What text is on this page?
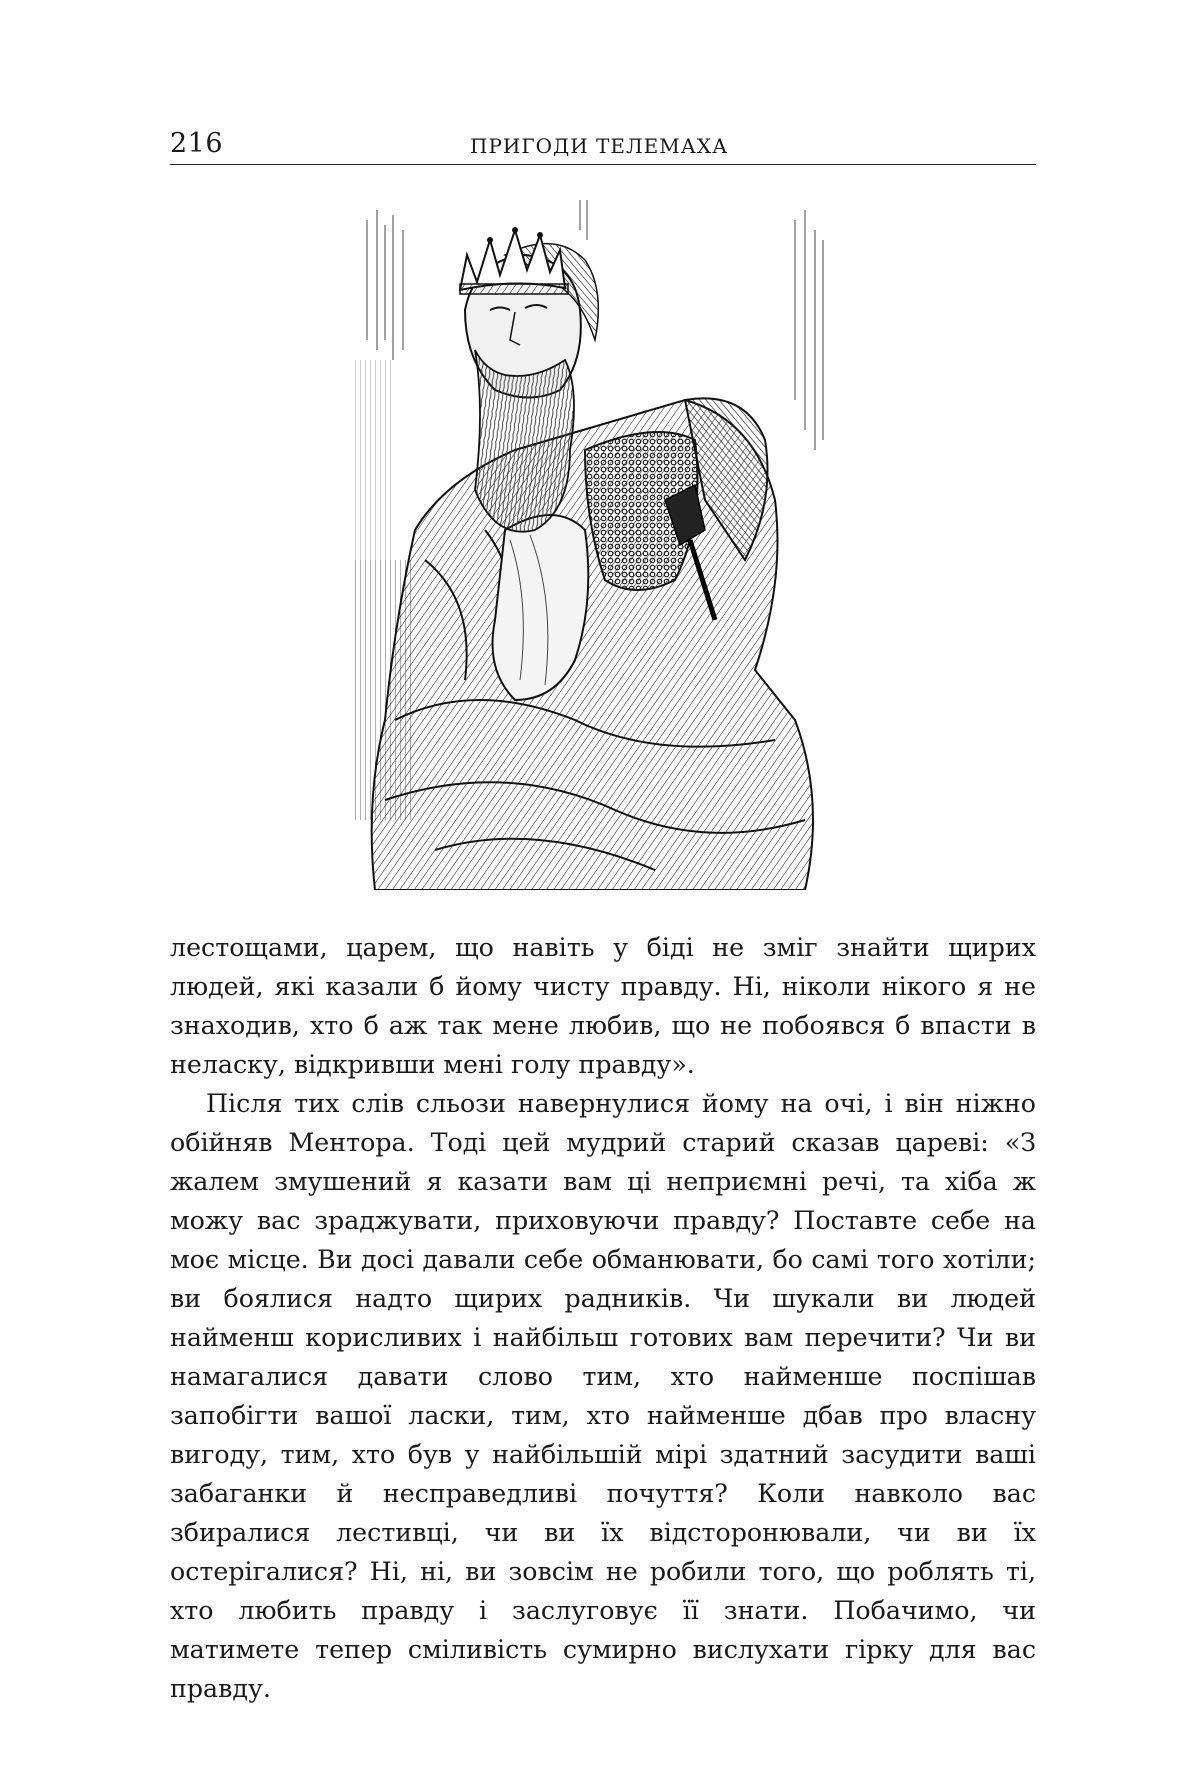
216	ПРИГОДИ ТЕЛЕМАХА

лестощами, царем, що навіть у біді не зміг знайти щирих людей, які казали б йому чисту правду. Ні, ніколи нікого я не знаходив, хто б аж так мене любив, що не побоявся б впасти в неласку, відкривши мені голу правду».

Після тих слів сльози навернулися йому на очі, і він ніжно обійняв Ментора. Тоді цей мудрий старий сказав цареві: «З жалем змушений я казати вам ці неприємні речі, та хіба ж можу вас зраджувати, приховуючи правду? Поставте себе на моє місце. Ви досі давали себе обманювати, бо самі того хотіли; ви боялися надто щирих радників. Чи шукали ви людей найменш корисливих і найбільш готових вам перечити? Чи ви намагалися давати слово тим, хто найменше поспішав запобігти вашої ласки, тим, хто найменше дбав про власну вигоду, тим, хто був у найбільшій мірі здатний засудити ваші забаганки й несправедливі почуття? Коли навколо вас збиралися лестивці, чи ви їх відсторонювали, чи ви їх остерігалися? Ні, ні, ви зовсім не робили того, що роблять ті, хто любить правду і заслуговує її знати. Побачимо, чи матимете тепер сміливість сумирно вислухати гірку для вас правду.
